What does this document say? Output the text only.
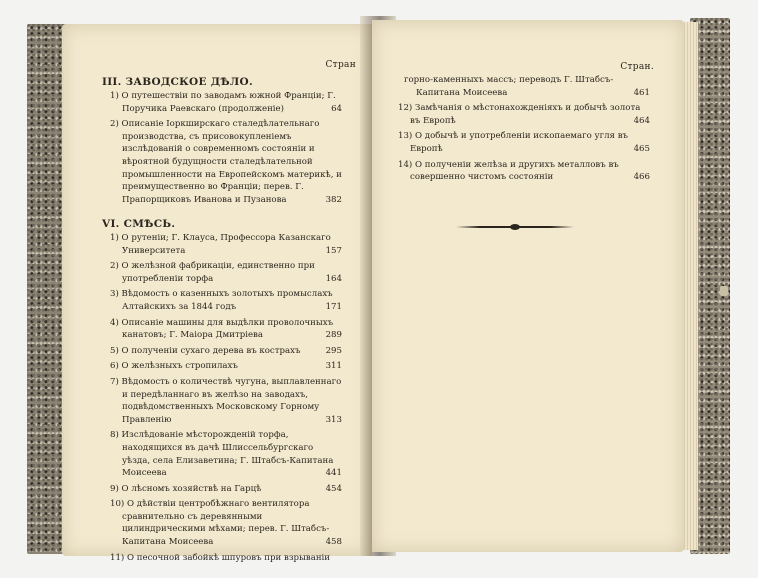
Стран
III. ЗАВОДСКОЕ ДѢЛО.
1) О путешествіи по заводамъ южной Франціи; Г. Поручика Раевскаго (продолженіе)	64
2) Описаніе Іоркширскаго сталедѣлательнаго производства, съ присовокупленіемъ изслѣдованій о современномъ состояніи и вѣроятной будущности сталедѣлательной промышленности на Европейскомъ материкѣ, и преимущественно во Франціи; перев. Г. Прапорщиковъ Иванова и Пузанова	382
VI. СМѢСЬ.
1) О рутеніи; Г. Клауса, Профессора Казанскаго Университета	157
2) О желѣзной фабрикаціи, единственно при употребленіи торфа	164
3) Вѣдомость о казенныхъ золотыхъ промыслахъ Алтайскихъ за 1844 годъ	171
4) Описаніе машины для выдѣлки проволочныхъ канатовъ; Г. Маіора Дмитріева	289
5) О полученіи сухаго дерева въ кострахъ	295
6) О желѣзныхъ стропилахъ	311
7) Вѣдомость о количествѣ чугуна, выплавленнаго и передѣланнаго въ желѣзо на заводахъ, подвѣдомственныхъ Московскому Горному Правленію	313
8) Изслѣдованіе мѣсторожденій торфа, находящихся въ дачѣ Шлиссельбургскаго уѣзда, села Елизаветина; Г. Штабсъ-Капитана Моисеева	441
9) О лѣсномъ хозяйствѣ на Гарцѣ	454
10) О дѣйствіи центробѣжнаго вентилятора сравнительно съ деревянными цилиндрическими мѣхами; перев. Г. Штабсъ-Капитана Моисеева	458
11) О песочной забойкѣ шпуровъ при взрываніи
Стран.
горно-каменныхъ массъ; переводъ Г. Штабсъ-Капитана Моисеева	461
12) Замѣчанія о мѣстонахожденіяхъ и добычѣ золота въ Европѣ	464
13) О добычѣ и употребленіи ископаемаго угля въ Европѣ	465
14) О полученіи желѣза и другихъ металловъ въ совершенно чистомъ состояніи	466
